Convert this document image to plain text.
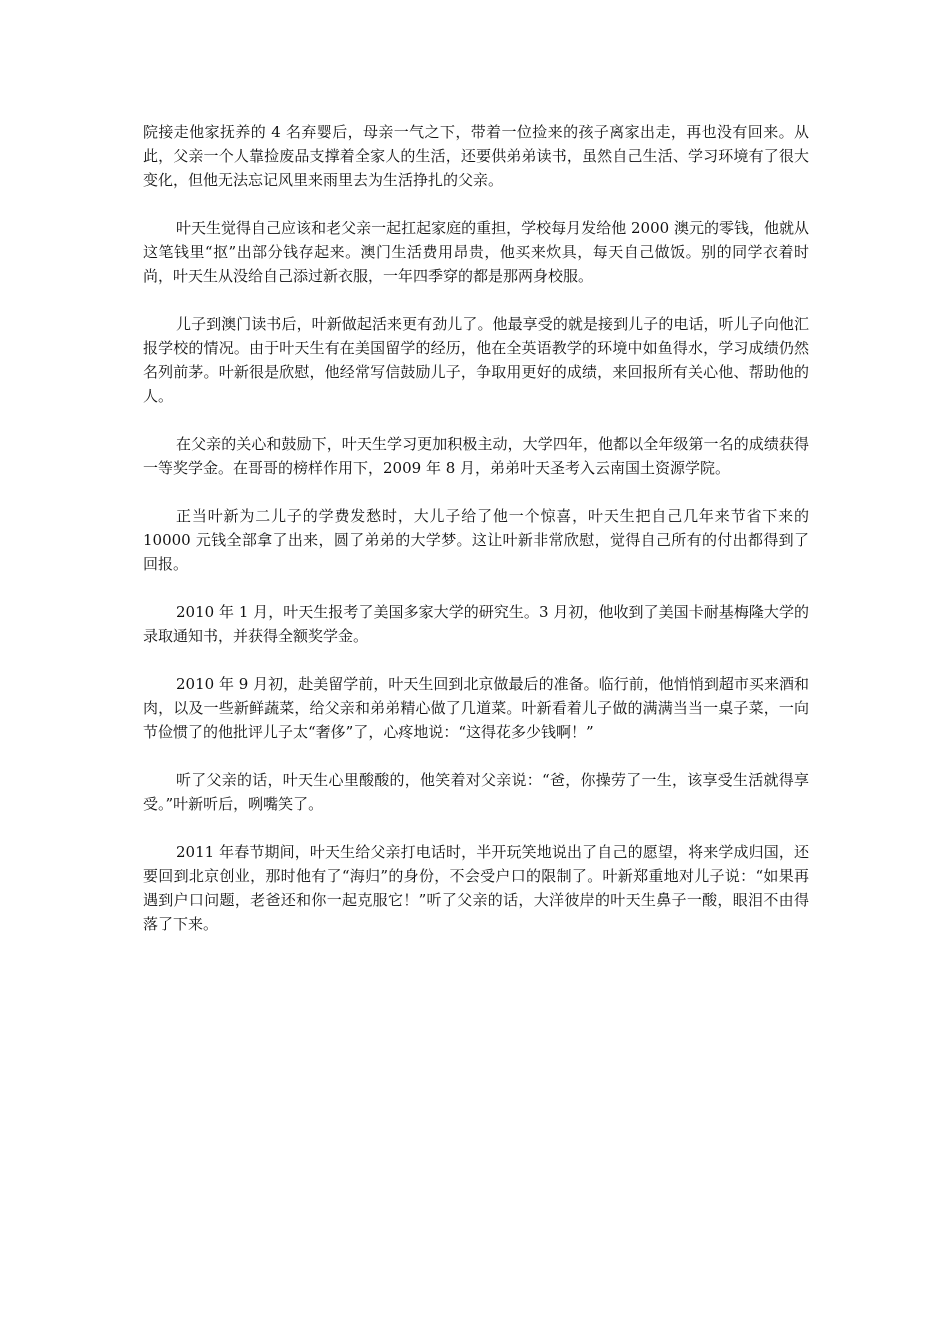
院接走他家抚养的 4 名弃婴后，母亲一气之下，带着一位捡来的孩子离家出走，再也没有回来。从此，父亲一个人靠捡废品支撑着全家人的生活，还要供弟弟读书，虽然自己生活、学习环境有了很大变化，但他无法忘记风里来雨里去为生活挣扎的父亲。

叶天生觉得自己应该和老父亲一起扛起家庭的重担，学校每月发给他 2000 澳元的零钱，他就从这笔钱里“抠”出部分钱存起来。澳门生活费用昂贵，他买来炊具，每天自己做饭。别的同学衣着时尚，叶天生从没给自己添过新衣服，一年四季穿的都是那两身校服。

儿子到澳门读书后，叶新做起活来更有劲儿了。他最享受的就是接到儿子的电话，听儿子向他汇报学校的情况。由于叶天生有在美国留学的经历，他在全英语教学的环境中如鱼得水，学习成绩仍然名列前茅。叶新很是欣慰，他经常写信鼓励儿子，争取用更好的成绩，来回报所有关心他、帮助他的人。

在父亲的关心和鼓励下，叶天生学习更加积极主动，大学四年，他都以全年级第一名的成绩获得一等奖学金。在哥哥的榜样作用下，2009 年 8 月，弟弟叶天圣考入云南国土资源学院。

正当叶新为二儿子的学费发愁时，大儿子给了他一个惊喜，叶天生把自己几年来节省下来的 10000 元钱全部拿了出来，圆了弟弟的大学梦。这让叶新非常欣慰，觉得自己所有的付出都得到了回报。

2010 年 1 月，叶天生报考了美国多家大学的研究生。3 月初，他收到了美国卡耐基梅隆大学的录取通知书，并获得全额奖学金。

2010 年 9 月初，赴美留学前，叶天生回到北京做最后的准备。临行前，他悄悄到超市买来酒和肉，以及一些新鲜蔬菜，给父亲和弟弟精心做了几道菜。叶新看着儿子做的满满当当一桌子菜，一向节俭惯了的他批评儿子太“奢侈”了，心疼地说：“这得花多少钱啊！”

听了父亲的话，叶天生心里酸酸的，他笑着对父亲说：“爸，你操劳了一生，该享受生活就得享受。”叶新听后，咧嘴笑了。

2011 年春节期间，叶天生给父亲打电话时，半开玩笑地说出了自己的愿望，将来学成归国，还要回到北京创业，那时他有了“海归”的身份，不会受户口的限制了。叶新郑重地对儿子说：“如果再遇到户口问题，老爸还和你一起克服它！”听了父亲的话，大洋彼岸的叶天生鼻子一酸，眼泪不由得落了下来。
